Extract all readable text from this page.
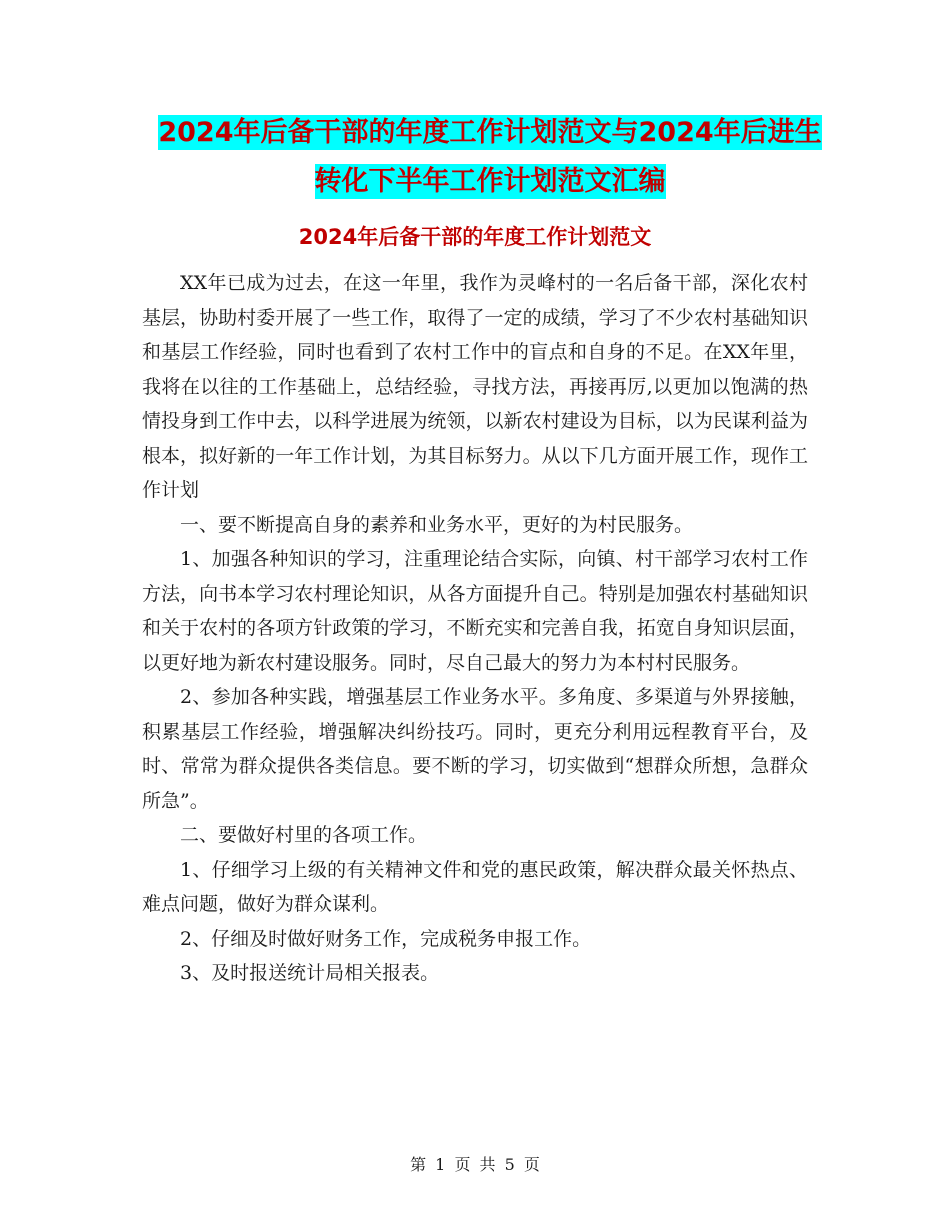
2024年后备干部的年度工作计划范文与2024年后进生
转化下半年工作计划范文汇编
2024年后备干部的年度工作计划范文

XX年已成为过去，在这一年里，我作为灵峰村的一名后备干部，深化农村基层，协助村委开展了一些工作，取得了一定的成绩，学习了不少农村基础知识和基层工作经验，同时也看到了农村工作中的盲点和自身的不足。在XX年里，我将在以往的工作基础上，总结经验，寻找方法，再接再厉,以更加以饱满的热情投身到工作中去，以科学进展为统领，以新农村建设为目标，以为民谋利益为根本，拟好新的一年工作计划，为其目标努力。从以下几方面开展工作，现作工作计划

一、要不断提高自身的素养和业务水平，更好的为村民服务。

1、加强各种知识的学习，注重理论结合实际，向镇、村干部学习农村工作方法，向书本学习农村理论知识，从各方面提升自己。特别是加强农村基础知识和关于农村的各项方针政策的学习，不断充实和完善自我，拓宽自身知识层面，以更好地为新农村建设服务。同时，尽自己最大的努力为本村村民服务。

2、参加各种实践，增强基层工作业务水平。多角度、多渠道与外界接触，积累基层工作经验，增强解决纠纷技巧。同时，更充分利用远程教育平台，及时、常常为群众提供各类信息。要不断的学习，切实做到“想群众所想，急群众所急”。

二、要做好村里的各项工作。

1、仔细学习上级的有关精神文件和党的惠民政策，解决群众最关怀热点、难点问题，做好为群众谋利。

2、仔细及时做好财务工作，完成税务申报工作。

3、及时报送统计局相关报表。

第 1 页 共 5 页
